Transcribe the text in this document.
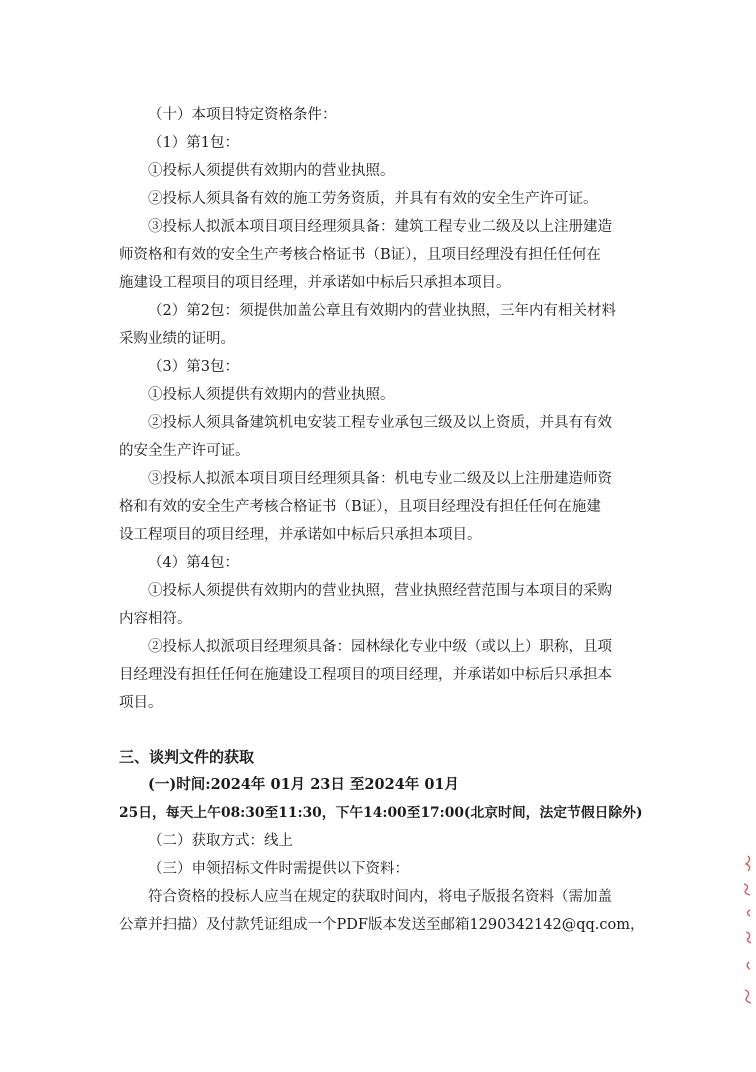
（十）本项目特定资格条件：

（1）第1包：

①投标人须提供有效期内的营业执照。

②投标人须具备有效的施工劳务资质，并具有有效的安全生产许可证。

③投标人拟派本项目项目经理须具备：建筑工程专业二级及以上注册建造

师资格和有效的安全生产考核合格证书（B证），且项目经理没有担任任何在

施建设工程项目的项目经理，并承诺如中标后只承担本项目。

（2）第2包：须提供加盖公章且有效期内的营业执照，三年内有相关材料

采购业绩的证明。

（3）第3包：

①投标人须提供有效期内的营业执照。

②投标人须具备建筑机电安装工程专业承包三级及以上资质，并具有有效

的安全生产许可证。

③投标人拟派本项目项目经理须具备：机电专业二级及以上注册建造师资

格和有效的安全生产考核合格证书（B证），且项目经理没有担任任何在施建

设工程项目的项目经理，并承诺如中标后只承担本项目。

（4）第4包：

①投标人须提供有效期内的营业执照，营业执照经营范围与本项目的采购

内容相符。

②投标人拟派项目经理须具备：园林绿化专业中级（或以上）职称，且项

目经理没有担任任何在施建设工程项目的项目经理，并承诺如中标后只承担本

项目。

三、谈判文件的获取

(一)时间:2024年 01月 23日 至2024年 01月

25日，每天上午08:30至11:30，下午14:00至17:00(北京时间，法定节假日除外)

（二）获取方式：线上

（三）申领招标文件时需提供以下资料：

符合资格的投标人应当在规定的获取时间内，将电子版报名资料（需加盖

公章并扫描）及付款凭证组成一个PDF版本发送至邮箱1290342142@qq.com，
